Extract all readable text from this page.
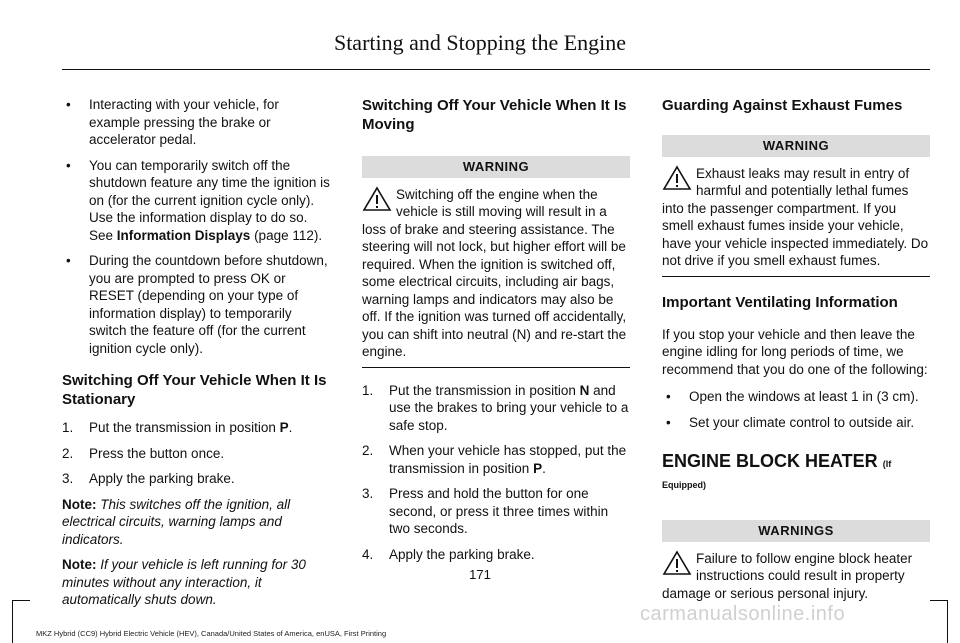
Starting and Stopping the Engine
• Interacting with your vehicle, for example pressing the brake or accelerator pedal.
• You can temporarily switch off the shutdown feature any time the ignition is on (for the current ignition cycle only). Use the information display to do so. See Information Displays (page 112).
• During the countdown before shutdown, you are prompted to press OK or RESET (depending on your type of information display) to temporarily switch the feature off (for the current ignition cycle only).
Switching Off Your Vehicle When It Is Stationary
1. Put the transmission in position P.
2. Press the button once.
3. Apply the parking brake.

Note: This switches off the ignition, all electrical circuits, warning lamps and indicators.

Note: If your vehicle is left running for 30 minutes without any interaction, it automatically shuts down.

Switching Off Your Vehicle When It Is Moving
WARNING
Switching off the engine when the vehicle is still moving will result in a loss of brake and steering assistance. The steering will not lock, but higher effort will be required. When the ignition is switched off, some electrical circuits, including air bags, warning lamps and indicators may also be off. If the ignition was turned off accidentally, you can shift into neutral (N) and re-start the engine.
1. Put the transmission in position N and use the brakes to bring your vehicle to a safe stop.
2. When your vehicle has stopped, put the transmission in position P.
3. Press and hold the button for one second, or press it three times within two seconds.
4. Apply the parking brake.
Guarding Against Exhaust Fumes
WARNING
Exhaust leaks may result in entry of harmful and potentially lethal fumes into the passenger compartment. If you smell exhaust fumes inside your vehicle, have your vehicle inspected immediately. Do not drive if you smell exhaust fumes.
Important Ventilating Information

If you stop your vehicle and then leave the engine idling for long periods of time, we recommend that you do one of the following:

• Open the windows at least 1 in (3 cm).
• Set your climate control to outside air.
ENGINE BLOCK HEATER (If Equipped)
WARNINGS
Failure to follow engine block heater instructions could result in property damage or serious personal injury.
171
MKZ Hybrid (CC9) Hybrid Electric Vehicle (HEV), Canada/United States of America, enUSA, First Printing
carmanualsonline.info
